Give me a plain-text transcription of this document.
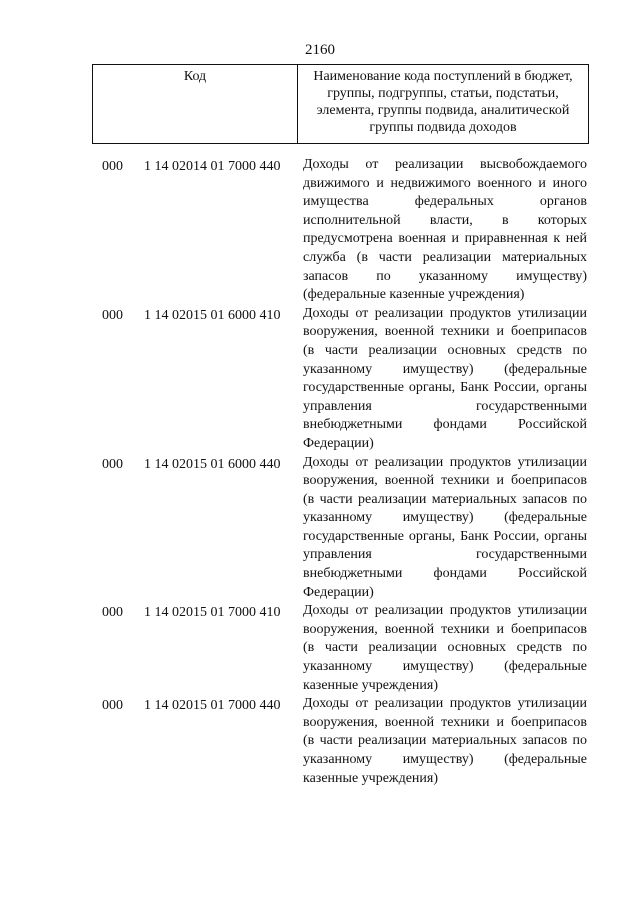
2160
Код	Наименование кода поступлений в бюджет, группы, подгруппы, статьи, подстатьи, элемента, группы подвида, аналитической группы подвида доходов
000 1 14 02014 01 7000 440 Доходы от реализации высвобождаемого движимого и недвижимого военного и иного имущества федеральных органов исполнительной власти, в которых предусмотрена военная и приравненная к ней служба (в части реализации материальных запасов по указанному имуществу) (федеральные казенные учреждения)
000 1 14 02015 01 6000 410 Доходы от реализации продуктов утилизации вооружения, военной техники и боеприпасов (в части реализации основных средств по указанному имуществу) (федеральные государственные органы, Банк России, органы управления государственными внебюджетными фондами Российской Федерации)
000 1 14 02015 01 6000 440 Доходы от реализации продуктов утилизации вооружения, военной техники и боеприпасов (в части реализации материальных запасов по указанному имуществу) (федеральные государственные органы, Банк России, органы управления государственными внебюджетными фондами Российской Федерации)
000 1 14 02015 01 7000 410 Доходы от реализации продуктов утилизации вооружения, военной техники и боеприпасов (в части реализации основных средств по указанному имуществу) (федеральные казенные учреждения)
000 1 14 02015 01 7000 440 Доходы от реализации продуктов утилизации вооружения, военной техники и боеприпасов (в части реализации материальных запасов по указанному имуществу) (федеральные казенные учреждения)
